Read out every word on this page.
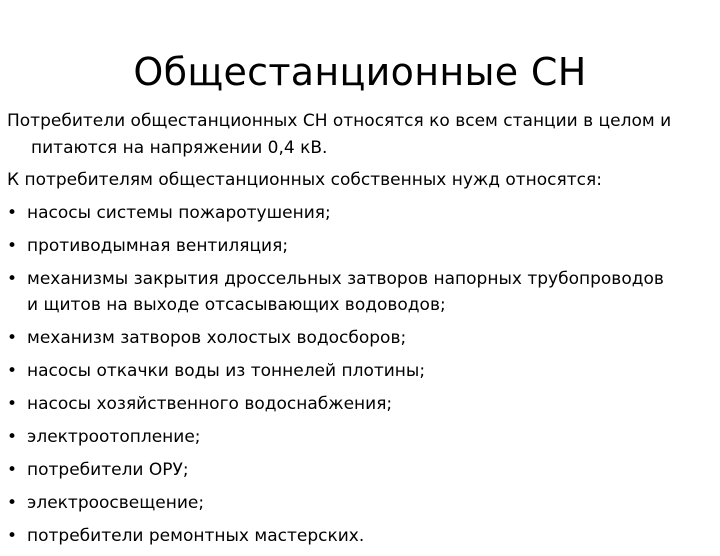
Общестанционные СН

Потребители общестанционных СН относятся ко всем станции в целом и
питаются на напряжении 0,4 кВ.

К потребителям общестанционных собственных нужд относятся:

• насосы системы пожаротушения;
• противодымная вентиляция;
• механизмы закрытия дроссельных затворов напорных трубопроводов
и щитов на выходе отсасывающих водоводов;
• механизм затворов холостых водосборов;
• насосы откачки воды из тоннелей плотины;
• насосы хозяйственного водоснабжения;
• электроотопление;
• потребители ОРУ;
• электроосвещение;
• потребители ремонтных мастерских.
